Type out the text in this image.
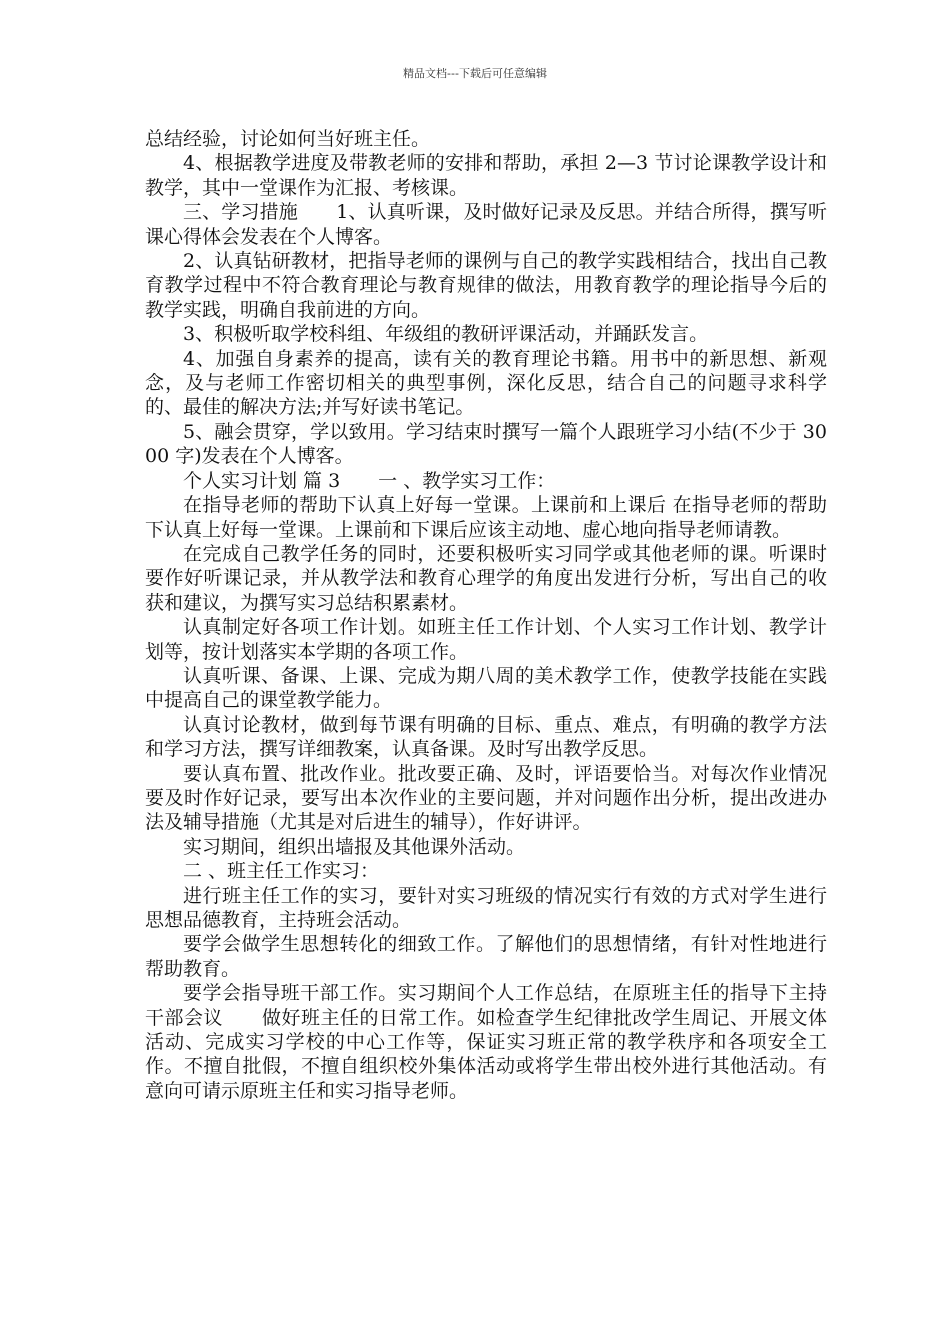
精品文档---下载后可任意编辑

总结经验，讨论如何当好班主任。

4、根据教学进度及带教老师的安排和帮助，承担 2—3 节讨论课教学设计和教学，其中一堂课作为汇报、考核课。

三、学习措施　　1、认真听课，及时做好记录及反思。并结合所得，撰写听课心得体会发表在个人博客。

2、认真钻研教材，把指导老师的课例与自己的教学实践相结合，找出自己教育教学过程中不符合教育理论与教育规律的做法，用教育教学的理论指导今后的教学实践，明确自我前进的方向。

3、积极听取学校科组、年级组的教研评课活动，并踊跃发言。

4、加强自身素养的提高，读有关的教育理论书籍。用书中的新思想、新观念，及与老师工作密切相关的典型事例，深化反思，结合自己的问题寻求科学的、最佳的解决方法;并写好读书笔记。

5、融会贯穿，学以致用。学习结束时撰写一篇个人跟班学习小结(不少于 3000 字)发表在个人博客。

个人实习计划 篇 3　　一 、教学实习工作：

在指导老师的帮助下认真上好每一堂课。上课前和上课后 在指导老师的帮助下认真上好每一堂课。上课前和下课后应该主动地、虚心地向指导老师请教。

在完成自己教学任务的同时，还要积极听实习同学或其他老师的课。听课时要作好听课记录，并从教学法和教育心理学的角度出发进行分析，写出自己的收获和建议，为撰写实习总结积累素材。

认真制定好各项工作计划。如班主任工作计划、个人实习工作计划、教学计划等，按计划落实本学期的各项工作。

认真听课、备课、上课、完成为期八周的美术教学工作，使教学技能在实践中提高自己的课堂教学能力。

认真讨论教材，做到每节课有明确的目标、重点、难点，有明确的教学方法和学习方法，撰写详细教案，认真备课。及时写出教学反思。

要认真布置、批改作业。批改要正确、及时，评语要恰当。对每次作业情况要及时作好记录，要写出本次作业的主要问题，并对问题作出分析，提出改进办法及辅导措施（尤其是对后进生的辅导），作好讲评。

实习期间，组织出墙报及其他课外活动。

二 、班主任工作实习：

进行班主任工作的实习，要针对实习班级的情况实行有效的方式对学生进行思想品德教育，主持班会活动。

要学会做学生思想转化的细致工作。了解他们的思想情绪，有针对性地进行帮助教育。

要学会指导班干部工作。实习期间个人工作总结，在原班主任的指导下主持干部会议　　做好班主任的日常工作。如检查学生纪律批改学生周记、开展文体活动、完成实习学校的中心工作等，保证实习班正常的教学秩序和各项安全工作。不擅自批假，不擅自组织校外集体活动或将学生带出校外进行其他活动。有意向可请示原班主任和实习指导老师。
